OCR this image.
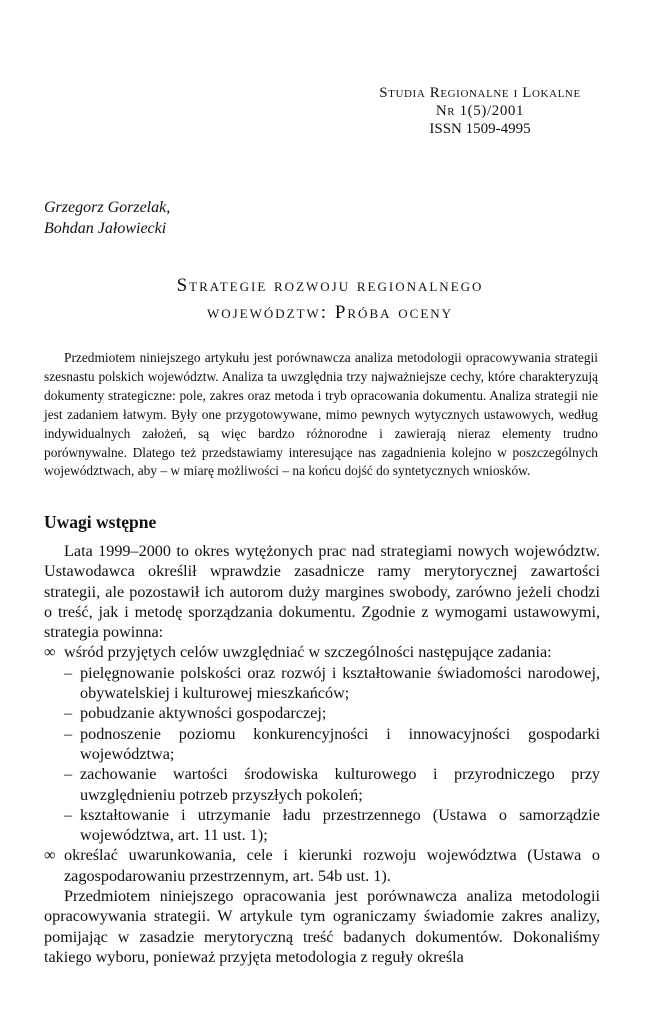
Studia Regionalne i Lokalne
Nr 1(5)/2001
ISSN 1509-4995
Grzegorz Gorzelak,
Bohdan Jałowiecki
Strategie rozwoju regionalnego
województw: Próba oceny

Przedmiotem niniejszego artykułu jest porównawcza analiza metodologii opracowywania strategii szesnastu polskich województw. Analiza ta uwzględnia trzy najważniejsze cechy, które charakteryzują dokumenty strategiczne: pole, zakres oraz metoda i tryb opracowania dokumentu. Analiza strategii nie jest zadaniem łatwym. Były one przygotowywane, mimo pewnych wytycznych ustawowych, według indywidualnych założeń, są więc bardzo różnorodne i zawierają nieraz elementy trudno porównywalne. Dlatego też przedstawiamy interesujące nas zagadnienia kolejno w poszczególnych województwach, aby – w miarę możliwości – na końcu dojść do syntetycznych wniosków.

Uwagi wstępne

Lata 1999–2000 to okres wytężonych prac nad strategiami nowych województw. Ustawodawca określił wprawdzie zasadnicze ramy merytorycznej zawartości strategii, ale pozostawił ich autorom duży margines swobody, zarówno jeżeli chodzi o treść, jak i metodę sporządzania dokumentu. Zgodnie z wymogami ustawowymi, strategia powinna:

∞ wśród przyjętych celów uwzględniać w szczególności następujące zadania:
– pielęgnowanie polskości oraz rozwój i kształtowanie świadomości narodowej, obywatelskiej i kulturowej mieszkańców;
– pobudzanie aktywności gospodarczej;
– podnoszenie poziomu konkurencyjności i innowacyjności gospodarki województwa;
– zachowanie wartości środowiska kulturowego i przyrodniczego przy uwzględnieniu potrzeb przyszłych pokoleń;
– kształtowanie i utrzymanie ładu przestrzennego (Ustawa o samorządzie województwa, art. 11 ust. 1);
∞ określać uwarunkowania, cele i kierunki rozwoju województwa (Ustawa o zagospodarowaniu przestrzennym, art. 54b ust. 1).

Przedmiotem niniejszego opracowania jest porównawcza analiza metodologii opracowywania strategii. W artykule tym ograniczamy świadomie zakres analizy, pomijając w zasadzie merytoryczną treść badanych dokumentów. Dokonaliśmy takiego wyboru, ponieważ przyjęta metodologia z reguły określa
